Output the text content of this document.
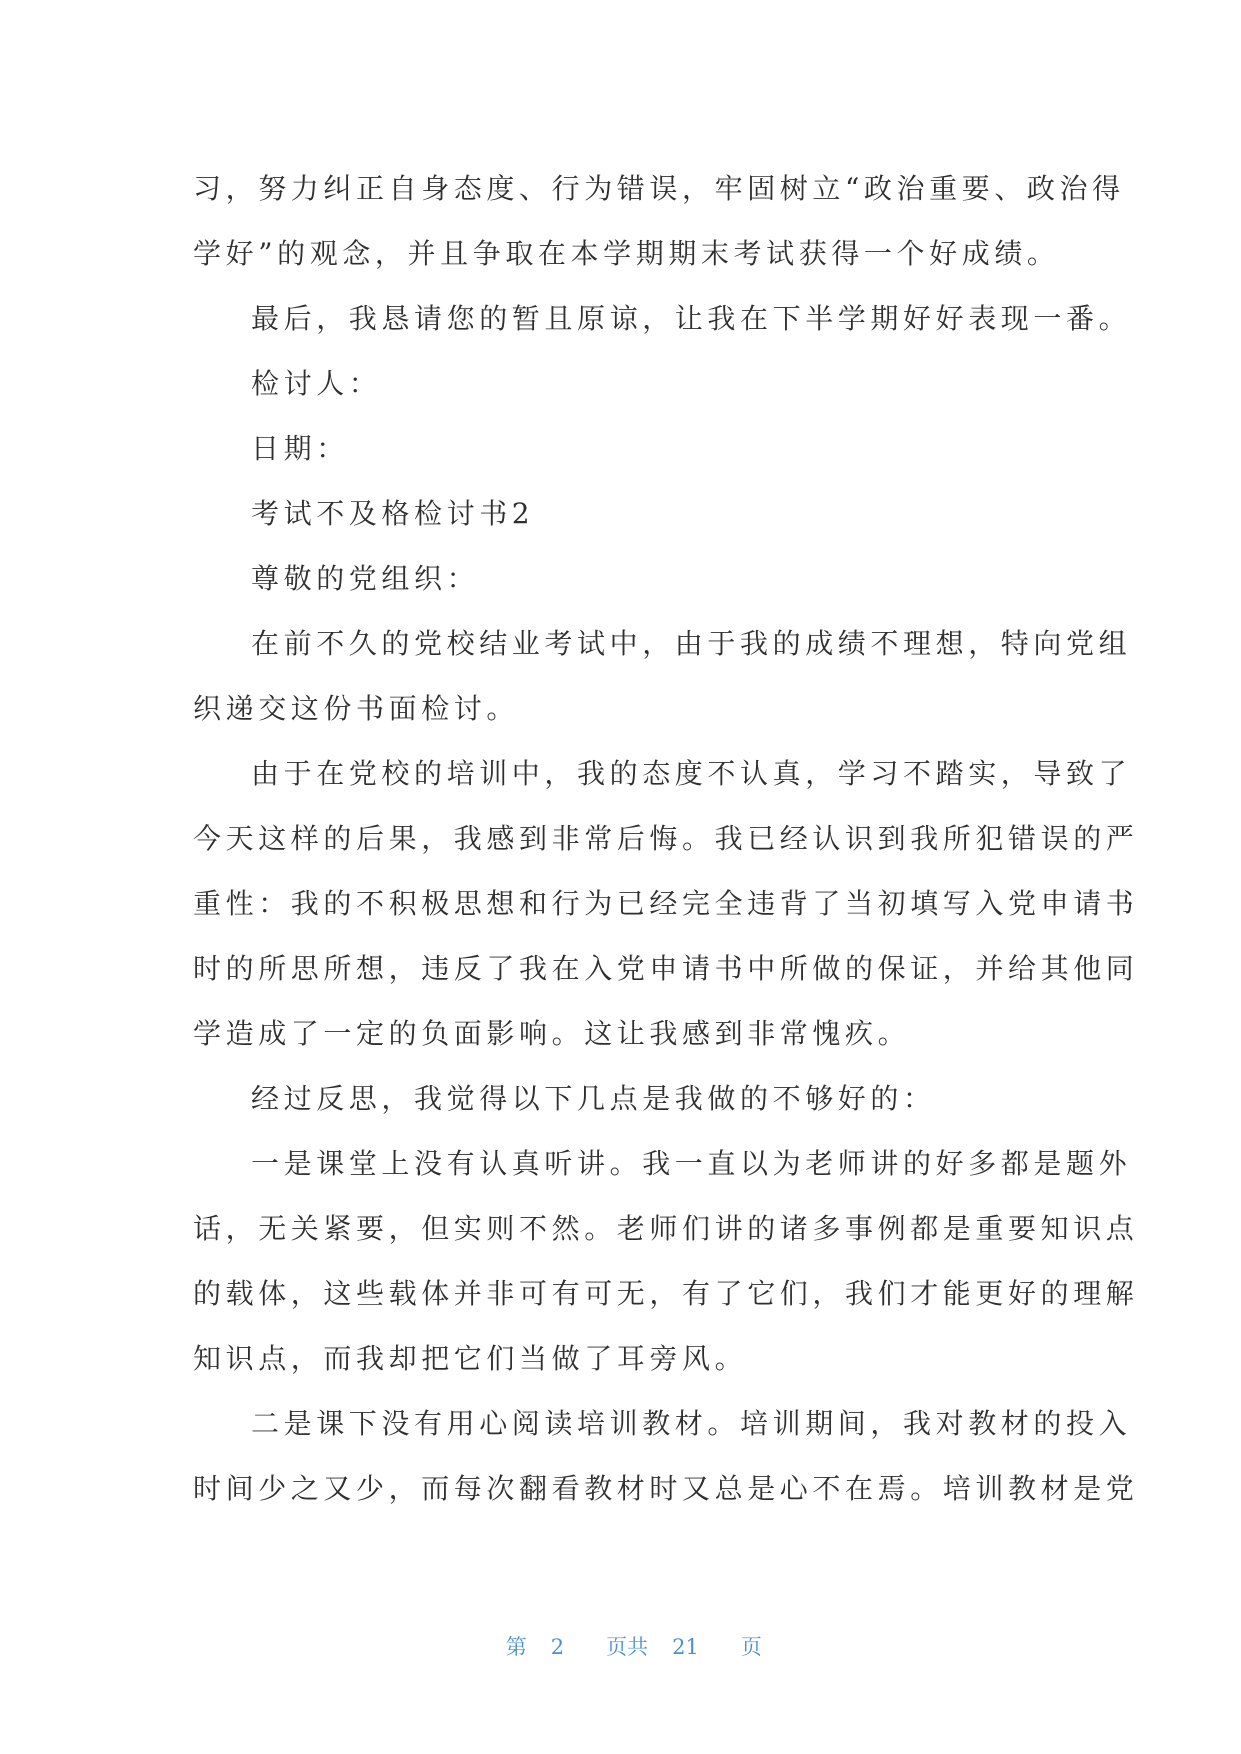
习，努力纠正自身态度、行为错误，牢固树立“政治重要、政治得
学好”的观念，并且争取在本学期期末考试获得一个好成绩。
最后，我恳请您的暂且原谅，让我在下半学期好好表现一番。
检讨人：
日期：
考试不及格检讨书2
尊敬的党组织：
在前不久的党校结业考试中，由于我的成绩不理想，特向党组
织递交这份书面检讨。
由于在党校的培训中，我的态度不认真，学习不踏实，导致了
今天这样的后果，我感到非常后悔。我已经认识到我所犯错误的严
重性：我的不积极思想和行为已经完全违背了当初填写入党申请书
时的所思所想，违反了我在入党申请书中所做的保证，并给其他同
学造成了一定的负面影响。这让我感到非常愧疚。
经过反思，我觉得以下几点是我做的不够好的：
一是课堂上没有认真听讲。我一直以为老师讲的好多都是题外
话，无关紧要，但实则不然。老师们讲的诸多事例都是重要知识点
的载体，这些载体并非可有可无，有了它们，我们才能更好的理解
知识点，而我却把它们当做了耳旁风。
二是课下没有用心阅读培训教材。培训期间，我对教材的投入
时间少之又少，而每次翻看教材时又总是心不在焉。培训教材是党

第 2 页共 21 页
